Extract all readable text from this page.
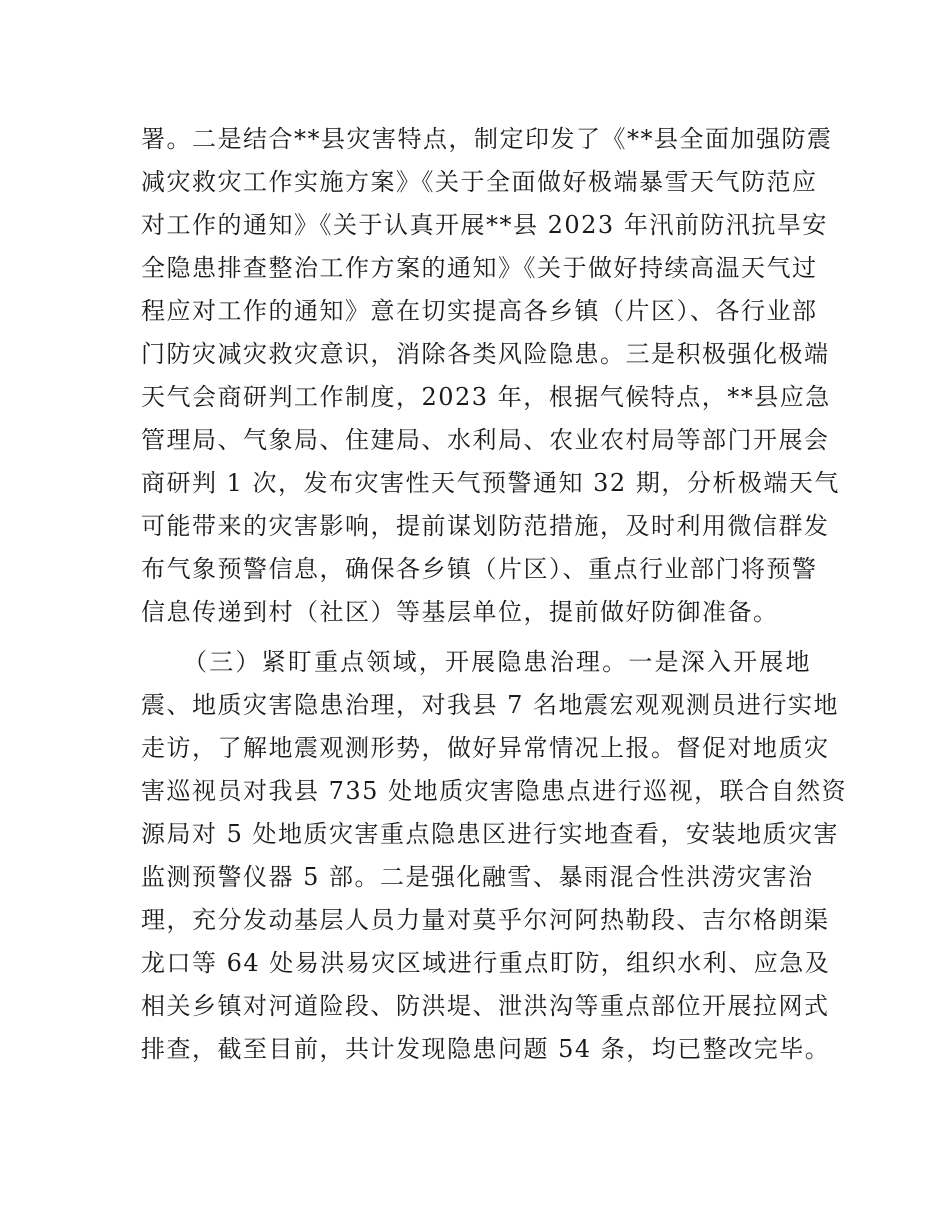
署。二是结合**县灾害特点，制定印发了《**县全面加强防震
减灾救灾工作实施方案》《关于全面做好极端暴雪天气防范应
对工作的通知》《关于认真开展**县 2023 年汛前防汛抗旱安
全隐患排查整治工作方案的通知》《关于做好持续高温天气过
程应对工作的通知》意在切实提高各乡镇（片区）、各行业部
门防灾减灾救灾意识，消除各类风险隐患。三是积极强化极端
天气会商研判工作制度，2023 年，根据气候特点，**县应急
管理局、气象局、住建局、水利局、农业农村局等部门开展会
商研判 1 次，发布灾害性天气预警通知 32 期，分析极端天气
可能带来的灾害影响，提前谋划防范措施，及时利用微信群发
布气象预警信息，确保各乡镇（片区）、重点行业部门将预警
信息传递到村（社区）等基层单位，提前做好防御准备。
（三）紧盯重点领域，开展隐患治理。一是深入开展地
震、地质灾害隐患治理，对我县 7 名地震宏观观测员进行实地
走访，了解地震观测形势，做好异常情况上报。督促对地质灾
害巡视员对我县 735 处地质灾害隐患点进行巡视，联合自然资
源局对 5 处地质灾害重点隐患区进行实地查看，安装地质灾害
监测预警仪器 5 部。二是强化融雪、暴雨混合性洪涝灾害治
理，充分发动基层人员力量对莫乎尔河阿热勒段、吉尔格朗渠
龙口等 64 处易洪易灾区域进行重点盯防，组织水利、应急及
相关乡镇对河道险段、防洪堤、泄洪沟等重点部位开展拉网式
排查，截至目前，共计发现隐患问题 54 条，均已整改完毕。
